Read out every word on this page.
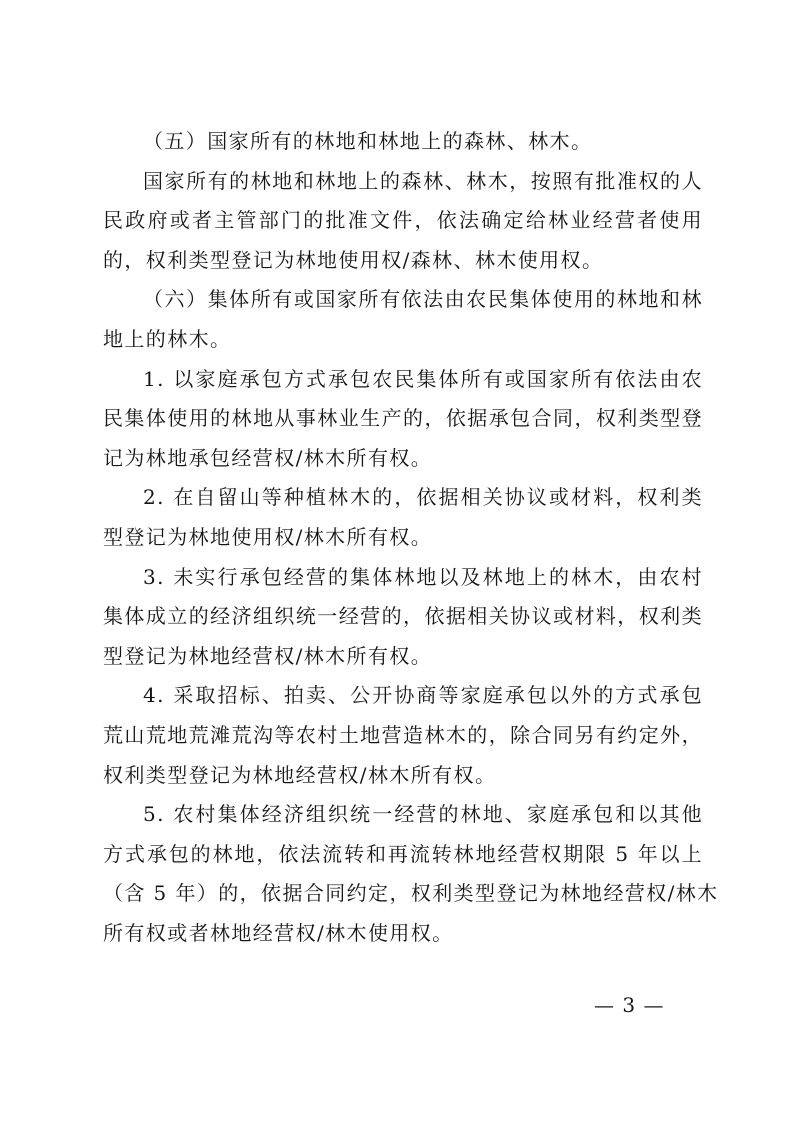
（五）国家所有的林地和林地上的森林、林木。

国家所有的林地和林地上的森林、林木，按照有批准权的人
民政府或者主管部门的批准文件，依法确定给林业经营者使用
的，权利类型登记为林地使用权/森林、林木使用权。

（六）集体所有或国家所有依法由农民集体使用的林地和林
地上的林木。

1. 以家庭承包方式承包农民集体所有或国家所有依法由农
民集体使用的林地从事林业生产的，依据承包合同，权利类型登
记为林地承包经营权/林木所有权。

2. 在自留山等种植林木的，依据相关协议或材料，权利类
型登记为林地使用权/林木所有权。

3. 未实行承包经营的集体林地以及林地上的林木，由农村
集体成立的经济组织统一经营的，依据相关协议或材料，权利类
型登记为林地经营权/林木所有权。

4. 采取招标、拍卖、公开协商等家庭承包以外的方式承包
荒山荒地荒滩荒沟等农村土地营造林木的，除合同另有约定外，
权利类型登记为林地经营权/林木所有权。

5. 农村集体经济组织统一经营的林地、家庭承包和以其他
方式承包的林地，依法流转和再流转林地经营权期限 5 年以上
（含 5 年）的，依据合同约定，权利类型登记为林地经营权/林木
所有权或者林地经营权/林木使用权。

— 3 —
